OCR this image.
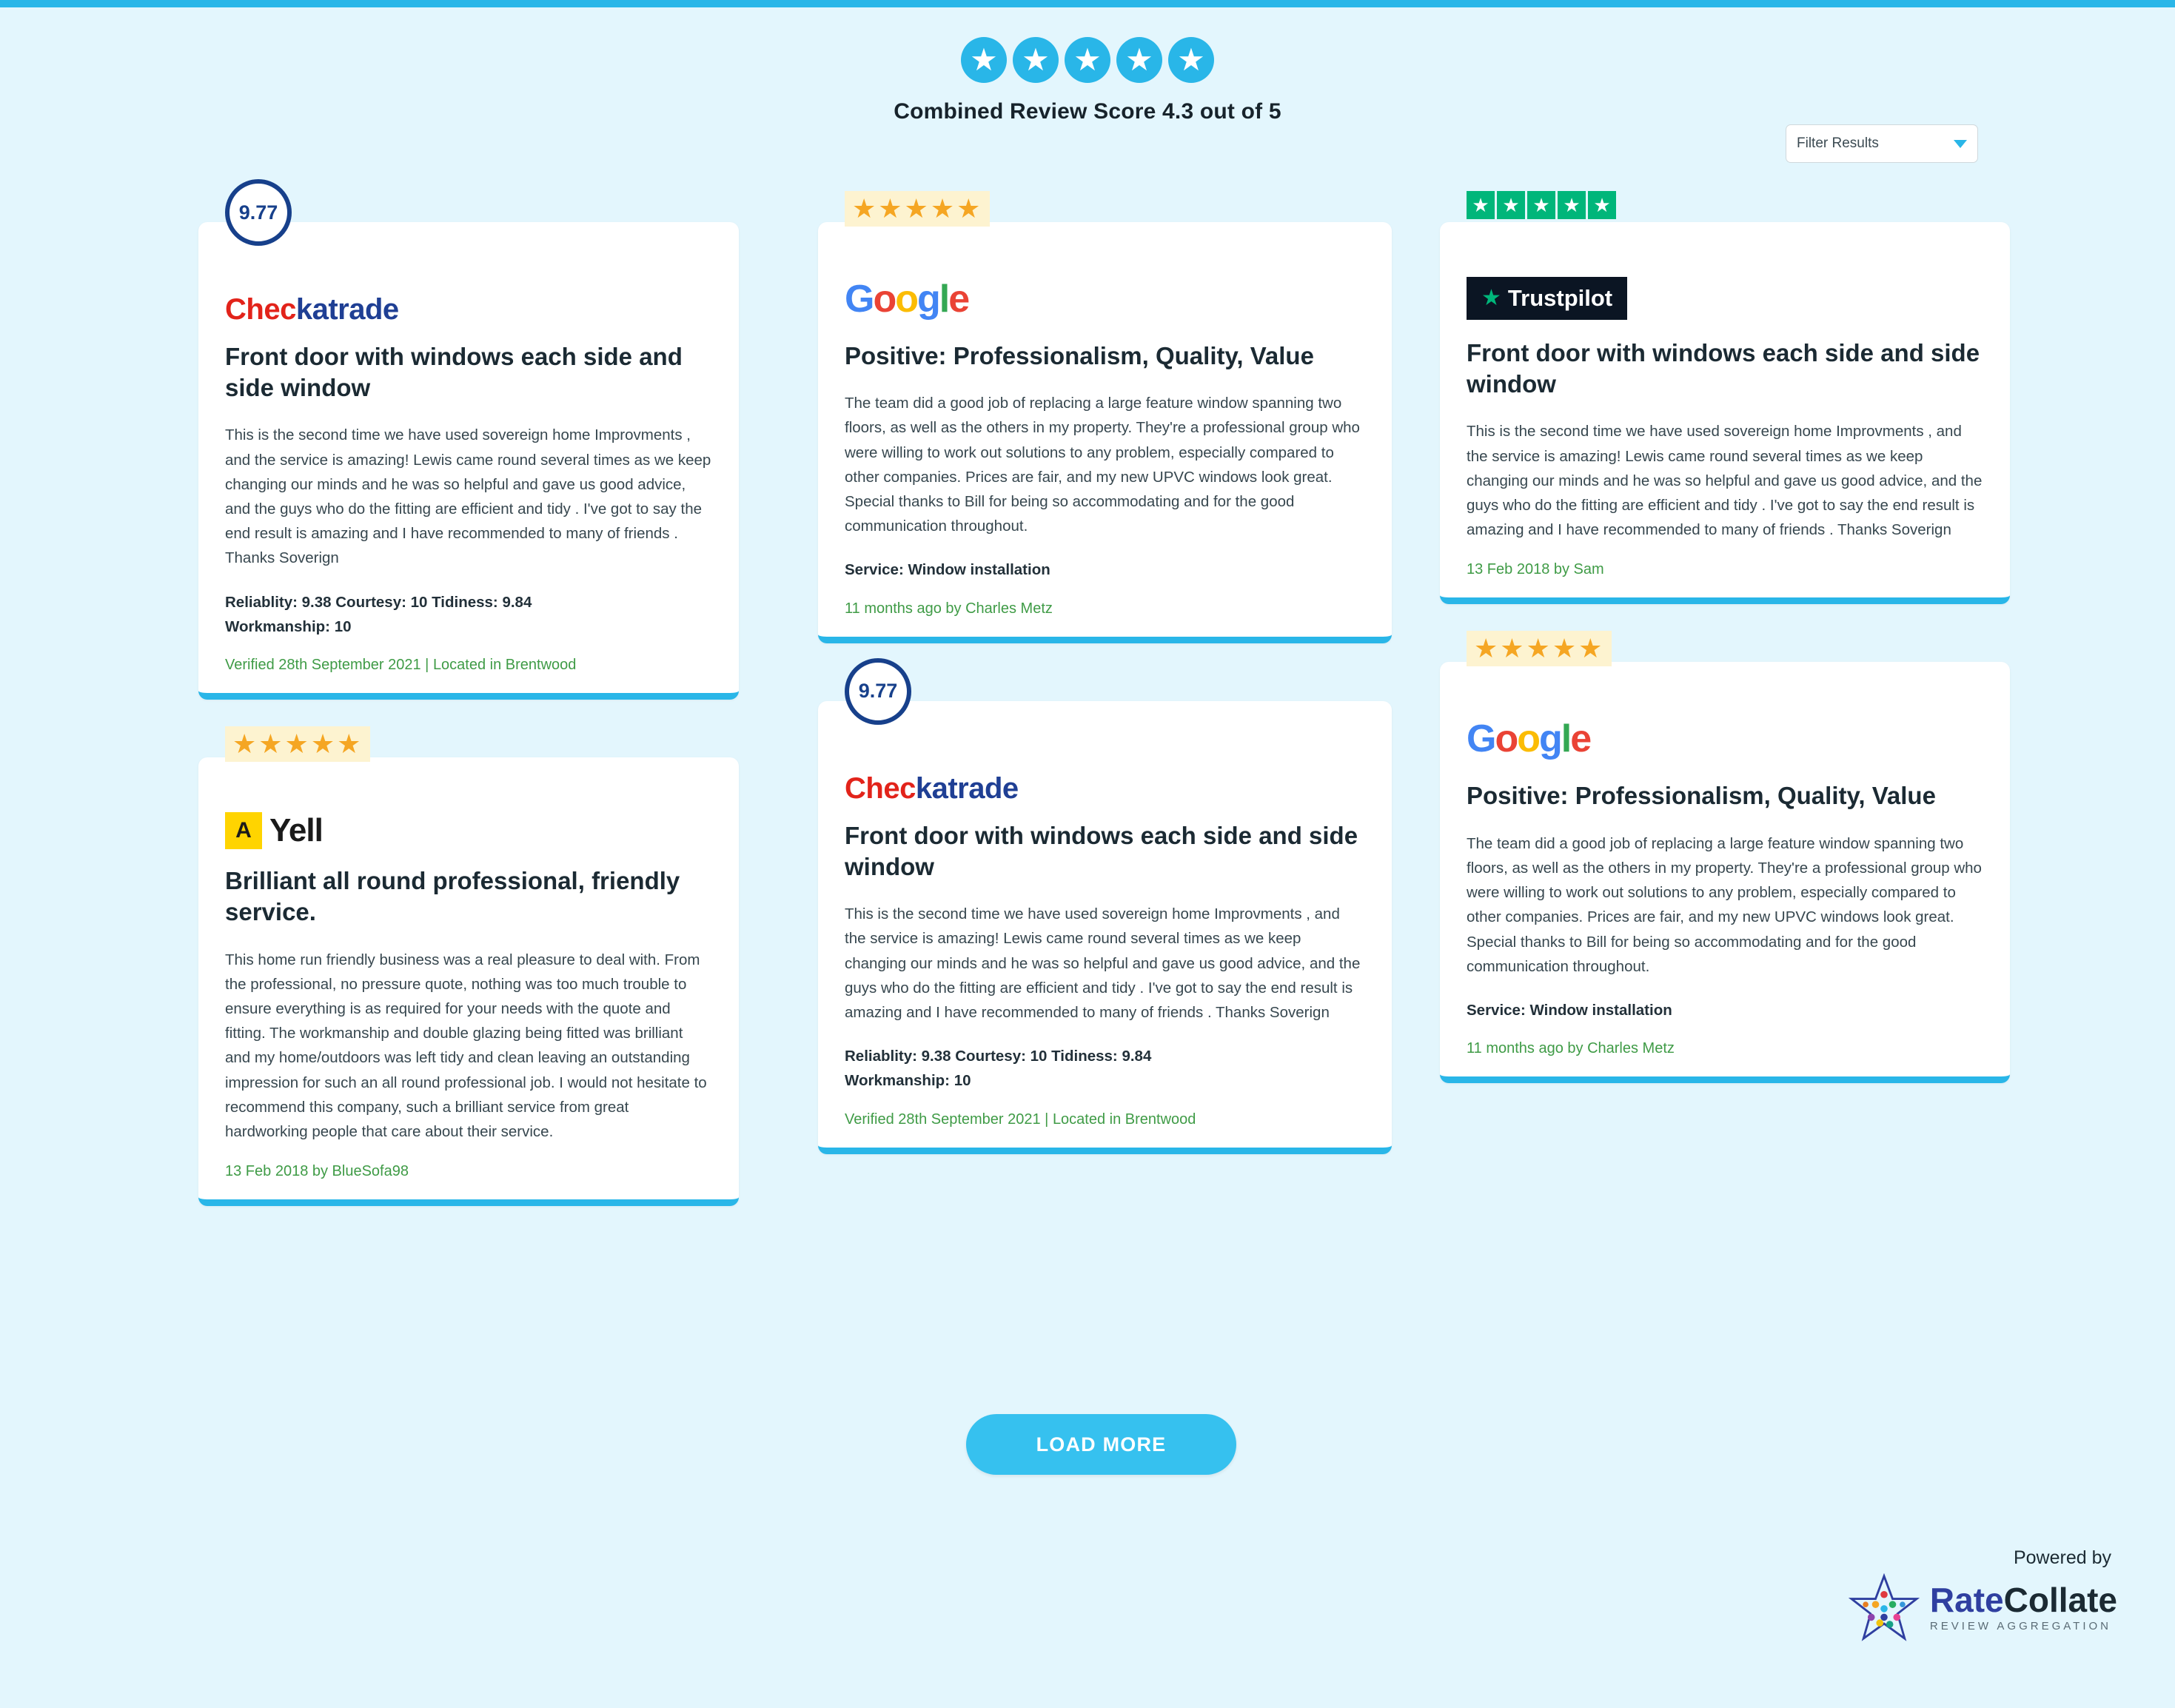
★ ★ ★ ★ ★
Combined Review Score 4.3 out of 5
Filter Results
9.77
Checkatrade
Front door with windows each side and side window

This is the second time we have used sovereign home Improvments , and the service is amazing! Lewis came round several times as we keep changing our minds and he was so helpful and gave us good advice, and the guys who do the fitting are efficient and tidy . I've got to say the end result is amazing and I have recommended to many of friends . Thanks Soverign

Reliablity: 9.38 Courtesy: 10 Tidiness: 9.84
Workmanship: 10

Verified 28th September 2021 | Located in Brentwood

★★★★★
A Yell
Brilliant all round professional, friendly service.

This home run friendly business was a real pleasure to deal with. From the professional, no pressure quote, nothing was too much trouble to ensure everything is as required for your needs with the quote and fitting. The workmanship and double glazing being fitted was brilliant and my home/outdoors was left tidy and clean leaving an outstanding impression for such an all round professional job. I would not hesitate to recommend this company, such a brilliant service from great hardworking people that care about their service.

13 Feb 2018 by BlueSofa98

★★★★★
Google
Positive: Professionalism, Quality, Value

The team did a good job of replacing a large feature window spanning two floors, as well as the others in my property. They're a professional group who were willing to work out solutions to any problem, especially compared to other companies. Prices are fair, and my new UPVC windows look great. Special thanks to Bill for being so accommodating and for the good communication throughout.

Service: Window installation

11 months ago by Charles Metz

9.77
Checkatrade
Front door with windows each side and side window

This is the second time we have used sovereign home Improvments , and the service is amazing! Lewis came round several times as we keep changing our minds and he was so helpful and gave us good advice, and the guys who do the fitting are efficient and tidy . I've got to say the end result is amazing and I have recommended to many of friends . Thanks Soverign

Reliablity: 9.38 Courtesy: 10 Tidiness: 9.84
Workmanship: 10

Verified 28th September 2021 | Located in Brentwood

★ ★ ★ ★ ★
★ Trustpilot
Front door with windows each side and side window

This is the second time we have used sovereign home Improvments , and the service is amazing! Lewis came round several times as we keep changing our minds and he was so helpful and gave us good advice, and the guys who do the fitting are efficient and tidy . I've got to say the end result is amazing and I have recommended to many of friends . Thanks Soverign

13 Feb 2018 by Sam

★★★★★
Google
Positive: Professionalism, Quality, Value

The team did a good job of replacing a large feature window spanning two floors, as well as the others in my property. They're a professional group who were willing to work out solutions to any problem, especially compared to other companies. Prices are fair, and my new UPVC windows look great. Special thanks to Bill for being so accommodating and for the good communication throughout.

Service: Window installation

11 months ago by Charles Metz

LOAD MORE
Powered by
RateCollate
REVIEW AGGREGATION
